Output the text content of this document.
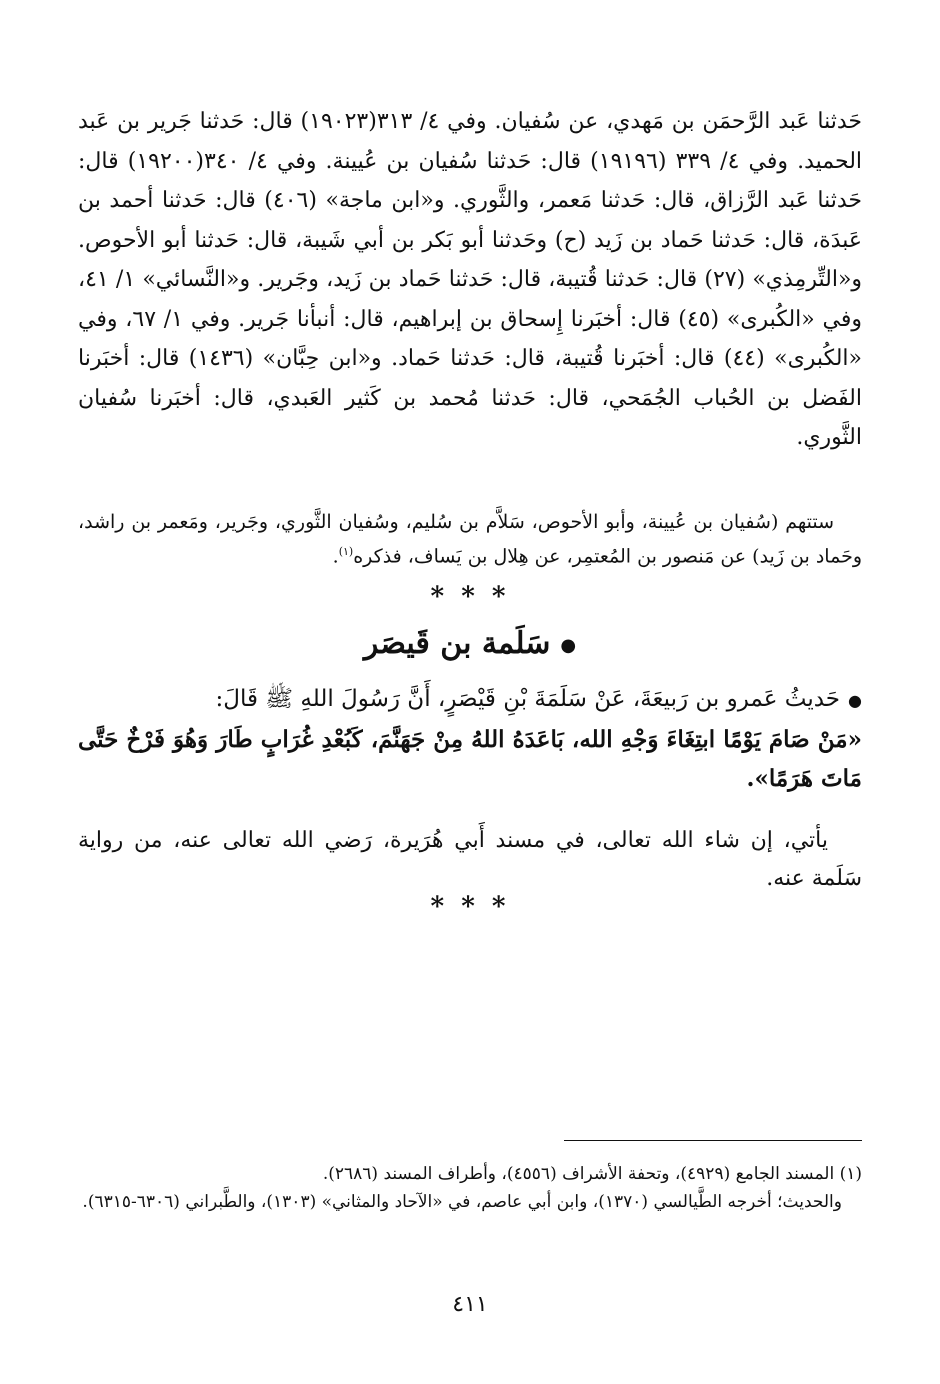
حَدثنا عَبد الرَّحمَن بن مَهدي، عن سُفيان. وفي ٤/ ٣١٣(١٩٠٢٣) قال: حَدثنا جَرير بن عَبد الحميد. وفي ٤/ ٣٣٩ (١٩١٩٦) قال: حَدثنا سُفيان بن عُيينة. وفي ٤/ ٣٤٠(١٩٢٠٠) قال: حَدثنا عَبد الرَّزاق، قال: حَدثنا مَعمر، والثَّوري. و«ابن ماجة» (٤٠٦) قال: حَدثنا أحمد بن عَبدَة، قال: حَدثنا حَماد بن زَيد (ح) وحَدثنا أبو بَكر بن أبي شَيبة، قال: حَدثنا أبو الأحوص. و«التِّرمِذي» (٢٧) قال: حَدثنا قُتيبة، قال: حَدثنا حَماد بن زَيد، وجَرير. و«النَّسائي» ١/ ٤١، وفي «الكُبرى» (٤٥) قال: أخبَرنا إِسحاق بن إبراهيم، قال: أنبأنا جَرير. وفي ١/ ٦٧، وفي «الكُبرى» (٤٤) قال: أخبَرنا قُتيبة، قال: حَدثنا حَماد. و«ابن حِبَّان» (١٤٣٦) قال: أخبَرنا الفَضل بن الحُباب الجُمَحي، قال: حَدثنا مُحمد بن كَثير العَبدي، قال: أخبَرنا سُفيان الثَّوري.

ستتهم (سُفيان بن عُيينة، وأبو الأحوص، سَلاَّم بن سُليم، وسُفيان الثَّوري، وجَرير، ومَعمر بن راشد، وحَماد بن زَيد) عن مَنصور بن المُعتمِر، عن هِلال بن يَساف، فذكره$^{(١)}$.
* * *
●سَلَمة بن قَيصَر

●حَديثُ عَمرو بن رَبيعَةَ، عَنْ سَلَمَةَ بْنِ قَيْصَرٍ، أَنَّ رَسُولَ اللهِ ﷺ قَالَ:

«مَنْ صَامَ يَوْمًا ابتِغَاءَ وَجْهِ الله، بَاعَدَهُ اللهُ مِنْ جَهَنَّمَ، كَبُعْدِ غُرَابٍ طَارَ وَهُوَ فَرْخٌ حَتَّى مَاتَ هَرَمًا».

يأتي، إن شاء الله تعالى، في مسند أَبي هُرَيرة، رَضي الله تعالى عنه، من رواية سَلَمة عنه.
* * *

(١) المسند الجامع (٤٩٢٩)، وتحفة الأشراف (٤٥٥٦)، وأطراف المسند (٢٦٨٦).

والحديث؛ أخرجه الطَّيالسي (١٣٧٠)، وابن أبي عاصم، في «الآحاد والمثاني» (١٣٠٣)، والطَّبراني (٦٣٠٦-٦٣١٥).

٤١١
